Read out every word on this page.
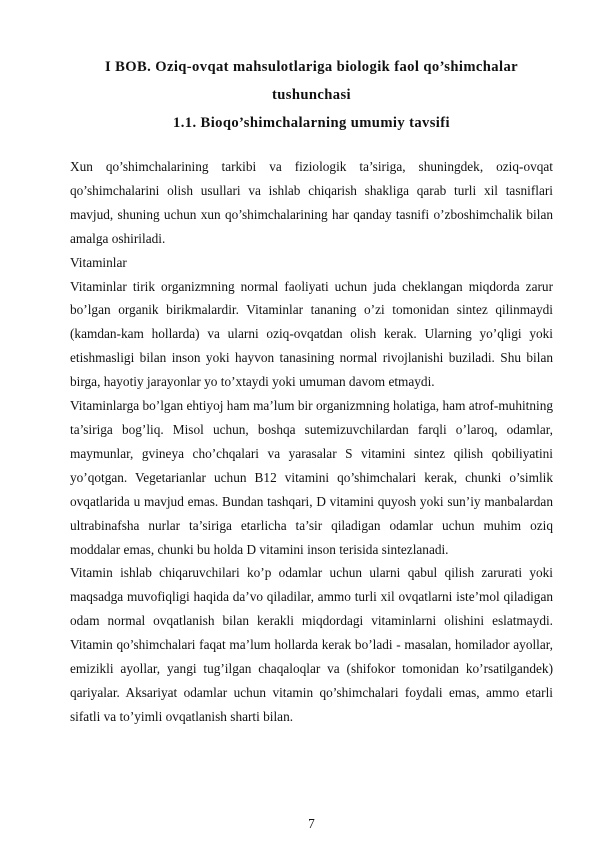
I BOB. Oziq-ovqat mahsulotlariga biologik faol qo’shimchalar
tushunchasi
1.1. Bioqo’shimchalarning umumiy tavsifi

Xun qo’shimchalarining tarkibi va fiziologik ta’siriga, shuningdek, oziq-ovqat qo’shimchalarini olish usullari va ishlab chiqarish shakliga qarab turli xil tasniflari mavjud, shuning uchun xun qo’shimchalarining har qanday tasnifi o’zboshimchalik bilan amalga oshiriladi.

Vitaminlar

Vitaminlar tirik organizmning normal faoliyati uchun juda cheklangan miqdorda zarur bo’lgan organik birikmalardir. Vitaminlar tananing o’zi tomonidan sintez qilinmaydi (kamdan-kam hollarda) va ularni oziq-ovqatdan olish kerak. Ularning yo’qligi yoki etishmasligi bilan inson yoki hayvon tanasining normal rivojlanishi buziladi. Shu bilan birga, hayotiy jarayonlar yo to’xtaydi yoki umuman davom etmaydi.

Vitaminlarga bo’lgan ehtiyoj ham ma’lum bir organizmning holatiga, ham atrof-muhitning ta’siriga bog’liq. Misol uchun, boshqa sutemizuvchilardan farqli o’laroq, odamlar, maymunlar, gvineya cho’chqalari va yarasalar S vitamini sintez qilish qobiliyatini yo’qotgan. Vegetarianlar uchun B12 vitamini qo’shimchalari kerak, chunki o’simlik ovqatlarida u mavjud emas. Bundan tashqari, D vitamini quyosh yoki sun’iy manbalardan ultrabinafsha nurlar ta’siriga etarlicha ta’sir qiladigan odamlar uchun muhim oziq moddalar emas, chunki bu holda D vitamini inson terisida sintezlanadi.

Vitamin ishlab chiqaruvchilari ko’p odamlar uchun ularni qabul qilish zarurati yoki maqsadga muvofiqligi haqida da’vo qiladilar, ammo turli xil ovqatlarni iste’mol qiladigan odam normal ovqatlanish bilan kerakli miqdordagi vitaminlarni olishini eslatmaydi. Vitamin qo’shimchalari faqat ma’lum hollarda kerak bo’ladi - masalan, homilador ayollar, emizikli ayollar, yangi tug’ilgan chaqaloqlar va (shifokor tomonidan ko’rsatilgandek) qariyalar. Aksariyat odamlar uchun vitamin qo’shimchalari foydali emas, ammo etarli sifatli va to’yimli ovqatlanish sharti bilan.

7
